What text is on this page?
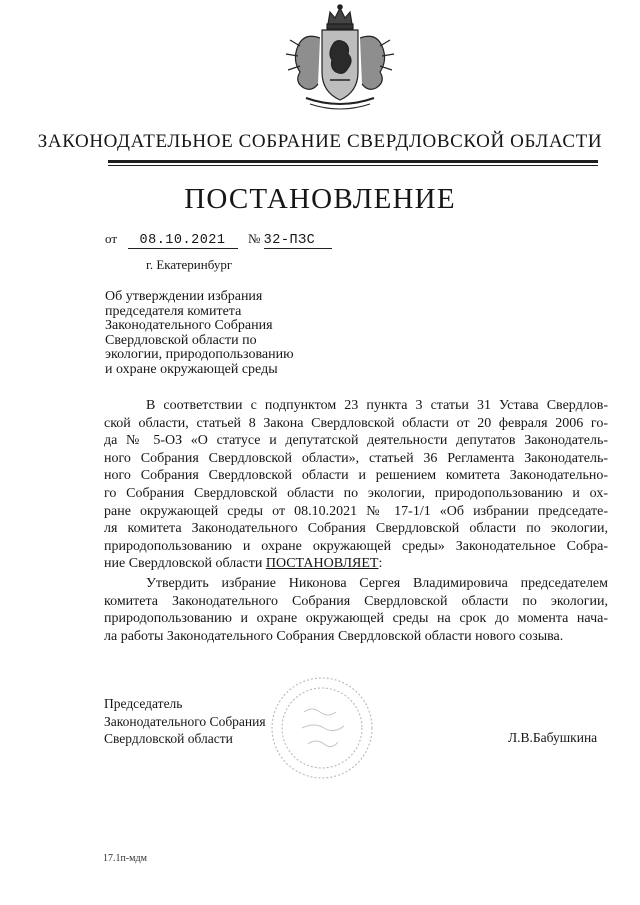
ЗАКОНОДАТЕЛЬНОЕ СОБРАНИЕ СВЕРДЛОВСКОЙ ОБЛАСТИ
ПОСТАНОВЛЕНИЕ
от 08.10.2021 № 32-ПЗС
г. Екатеринбург
Об утверждении избрания
председателя комитета
Законодательного Собрания
Свердловской области по
экологии, природопользованию
и охране окружающей среды
В соответствии с подпунктом 23 пункта 3 статьи 31 Устава Свердлов-
ской области, статьей 8 Закона Свердловской области от 20 февраля 2006 го-
да № 5-ОЗ «О статусе и депутатской деятельности депутатов Законодатель-
ного Собрания Свердловской области», статьей 36 Регламента Законодатель-
ного Собрания Свердловской области и решением комитета Законодательно-
го Собрания Свердловской области по экологии, природопользованию и ох-
ране окружающей среды от 08.10.2021 № 17-1/1 «Об избрании председате-
ля комитета Законодательного Собрания Свердловской области по экологии,
природопользованию и охране окружающей среды» Законодательное Собра-
ние Свердловской области ПОСТАНОВЛЯЕТ:
Утвердить избрание Никонова Сергея Владимировича председателем
комитета Законодательного Собрания Свердловской области по экологии,
природопользованию и охране окружающей среды на срок до момента нача-
ла работы Законодательного Собрания Свердловской области нового созыва.
Председатель
Законодательного Собрания
Свердловской области	Л.В.Бабушкина
17.1п-мдм
